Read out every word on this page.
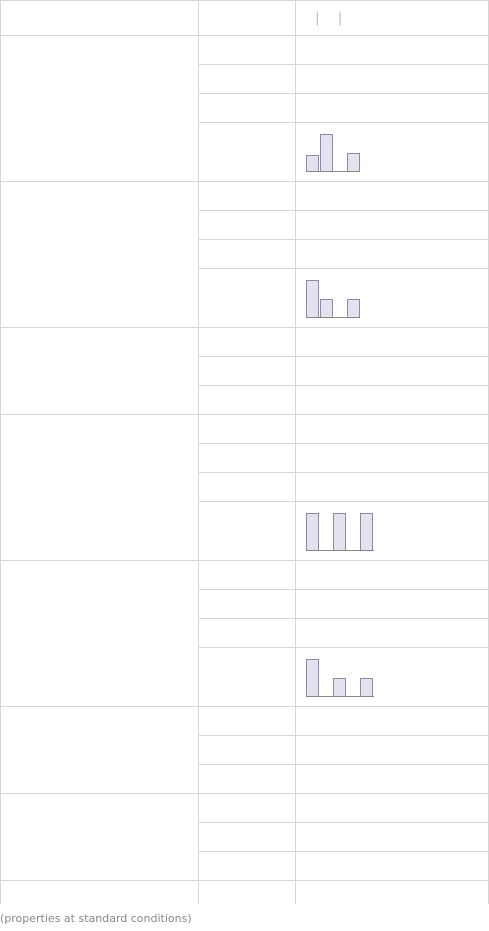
| |

(properties at standard conditions)
